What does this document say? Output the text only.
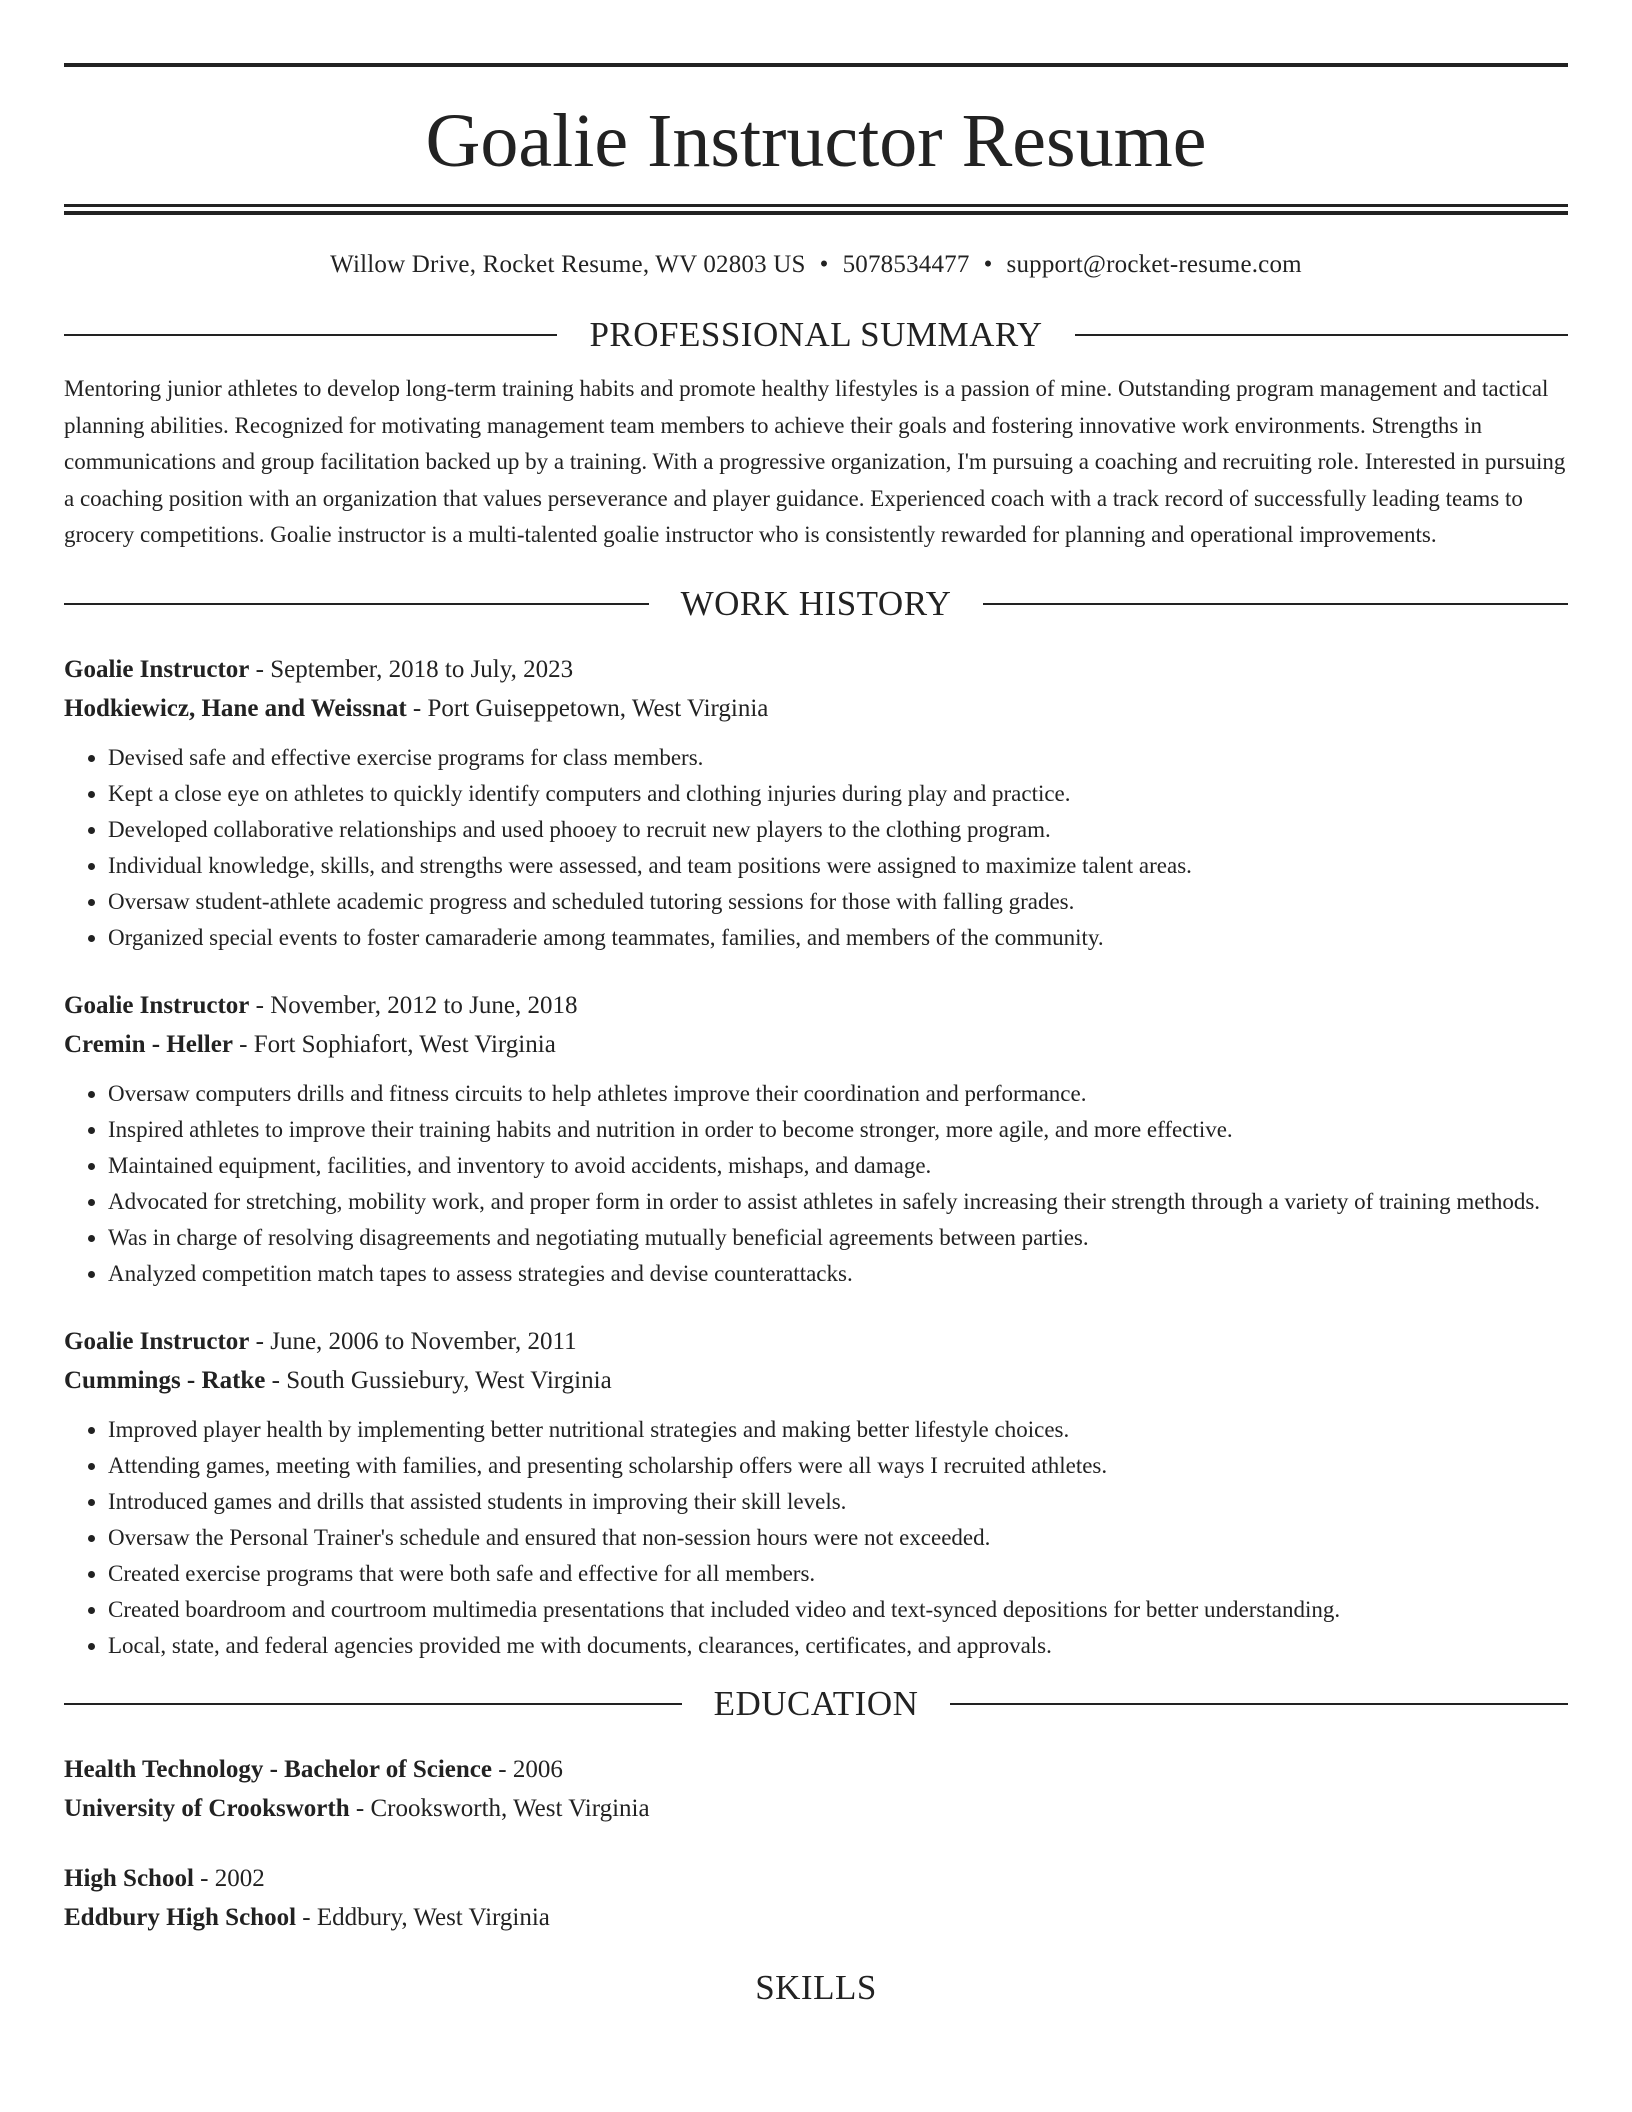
Goalie Instructor Resume
Willow Drive, Rocket Resume, WV 02803 US • 5078534477 • support@rocket-resume.com
PROFESSIONAL SUMMARY
Mentoring junior athletes to develop long-term training habits and promote healthy lifestyles is a passion of mine. Outstanding program management and tactical planning abilities. Recognized for motivating management team members to achieve their goals and fostering innovative work environments. Strengths in communications and group facilitation backed up by a training. With a progressive organization, I'm pursuing a coaching and recruiting role. Interested in pursuing a coaching position with an organization that values perseverance and player guidance. Experienced coach with a track record of successfully leading teams to grocery competitions. Goalie instructor is a multi-talented goalie instructor who is consistently rewarded for planning and operational improvements.
WORK HISTORY
Goalie Instructor - September, 2018 to July, 2023
Hodkiewicz, Hane and Weissnat - Port Guiseppetown, West Virginia
• Devised safe and effective exercise programs for class members.
• Kept a close eye on athletes to quickly identify computers and clothing injuries during play and practice.
• Developed collaborative relationships and used phooey to recruit new players to the clothing program.
• Individual knowledge, skills, and strengths were assessed, and team positions were assigned to maximize talent areas.
• Oversaw student-athlete academic progress and scheduled tutoring sessions for those with falling grades.
• Organized special events to foster camaraderie among teammates, families, and members of the community.
Goalie Instructor - November, 2012 to June, 2018
Cremin - Heller - Fort Sophiafort, West Virginia
• Oversaw computers drills and fitness circuits to help athletes improve their coordination and performance.
• Inspired athletes to improve their training habits and nutrition in order to become stronger, more agile, and more effective.
• Maintained equipment, facilities, and inventory to avoid accidents, mishaps, and damage.
• Advocated for stretching, mobility work, and proper form in order to assist athletes in safely increasing their strength through a variety of training methods.
• Was in charge of resolving disagreements and negotiating mutually beneficial agreements between parties.
• Analyzed competition match tapes to assess strategies and devise counterattacks.
Goalie Instructor - June, 2006 to November, 2011
Cummings - Ratke - South Gussiebury, West Virginia
• Improved player health by implementing better nutritional strategies and making better lifestyle choices.
• Attending games, meeting with families, and presenting scholarship offers were all ways I recruited athletes.
• Introduced games and drills that assisted students in improving their skill levels.
• Oversaw the Personal Trainer's schedule and ensured that non-session hours were not exceeded.
• Created exercise programs that were both safe and effective for all members.
• Created boardroom and courtroom multimedia presentations that included video and text-synced depositions for better understanding.
• Local, state, and federal agencies provided me with documents, clearances, certificates, and approvals.
EDUCATION
Health Technology - Bachelor of Science - 2006
University of Crooksworth - Crooksworth, West Virginia
High School - 2002
Eddbury High School - Eddbury, West Virginia
SKILLS
